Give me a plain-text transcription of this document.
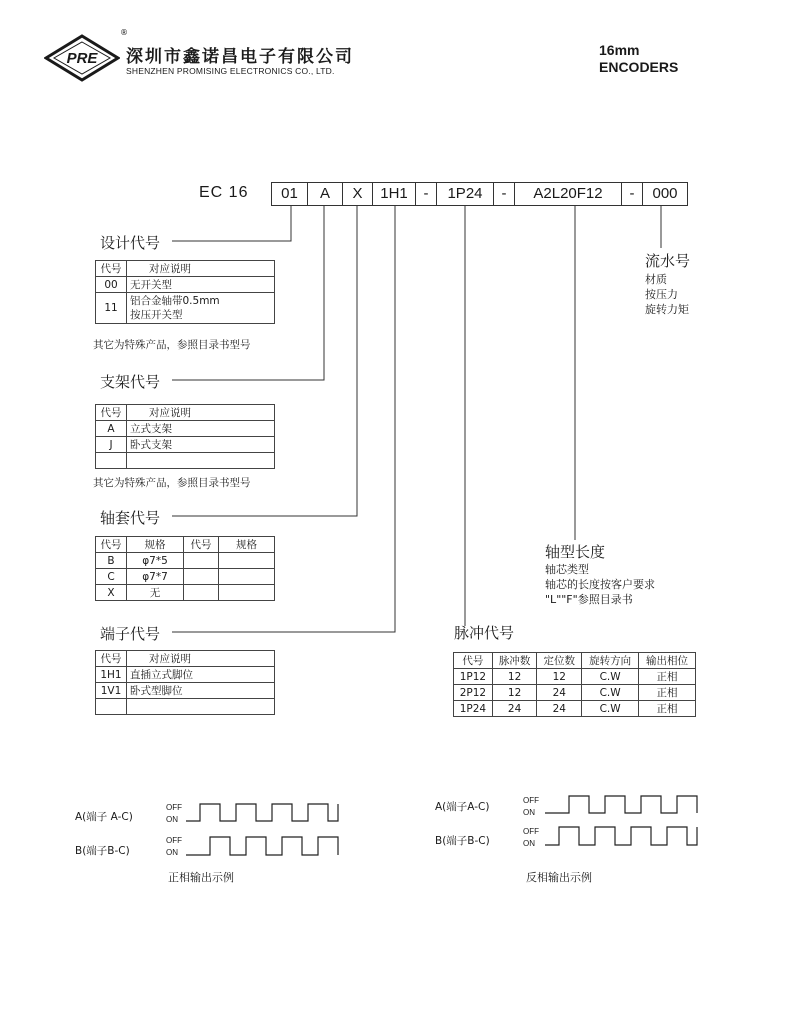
PRE
®
深圳市鑫诺昌电子有限公司
SHENZHEN PROMISING ELECTRONICS CO., LTD.
16mm
ENCODERS
EC 16	01	A	X	1H1	-	1P24	-	A2L20F12	-	000
设计代号
代号	对应说明
00	无开关型
11	铝合金轴带0.5mm
按压开关型
其它为特殊产品，参照目录书型号
支架代号
代号	对应说明
A	立式支架
J	卧式支架

其它为特殊产品，参照目录书型号
轴套代号
代号	规格	代号	规格
B	φ7*5		
C	φ7*7		
X	无		
端子代号
代号	对应说明
1H1	直插立式脚位
1V1	卧式型脚位

脉冲代号
代号	脉冲数	定位数	旋转方向	输出相位
1P12	12	12	C.W	正相
2P12	12	24	C.W	正相
1P24	24	24	C.W	正相
轴型长度
轴芯类型
轴芯的长度按客户要求
"L""F"参照目录书
流水号
材质
按压力
旋转力矩
A(端子 A-C)
B(端子B-C)
OFF
ON
OFF
ON
正相输出示例
A(端子A-C)
B(端子B-C)
OFF
ON
OFF
ON
反相输出示例
